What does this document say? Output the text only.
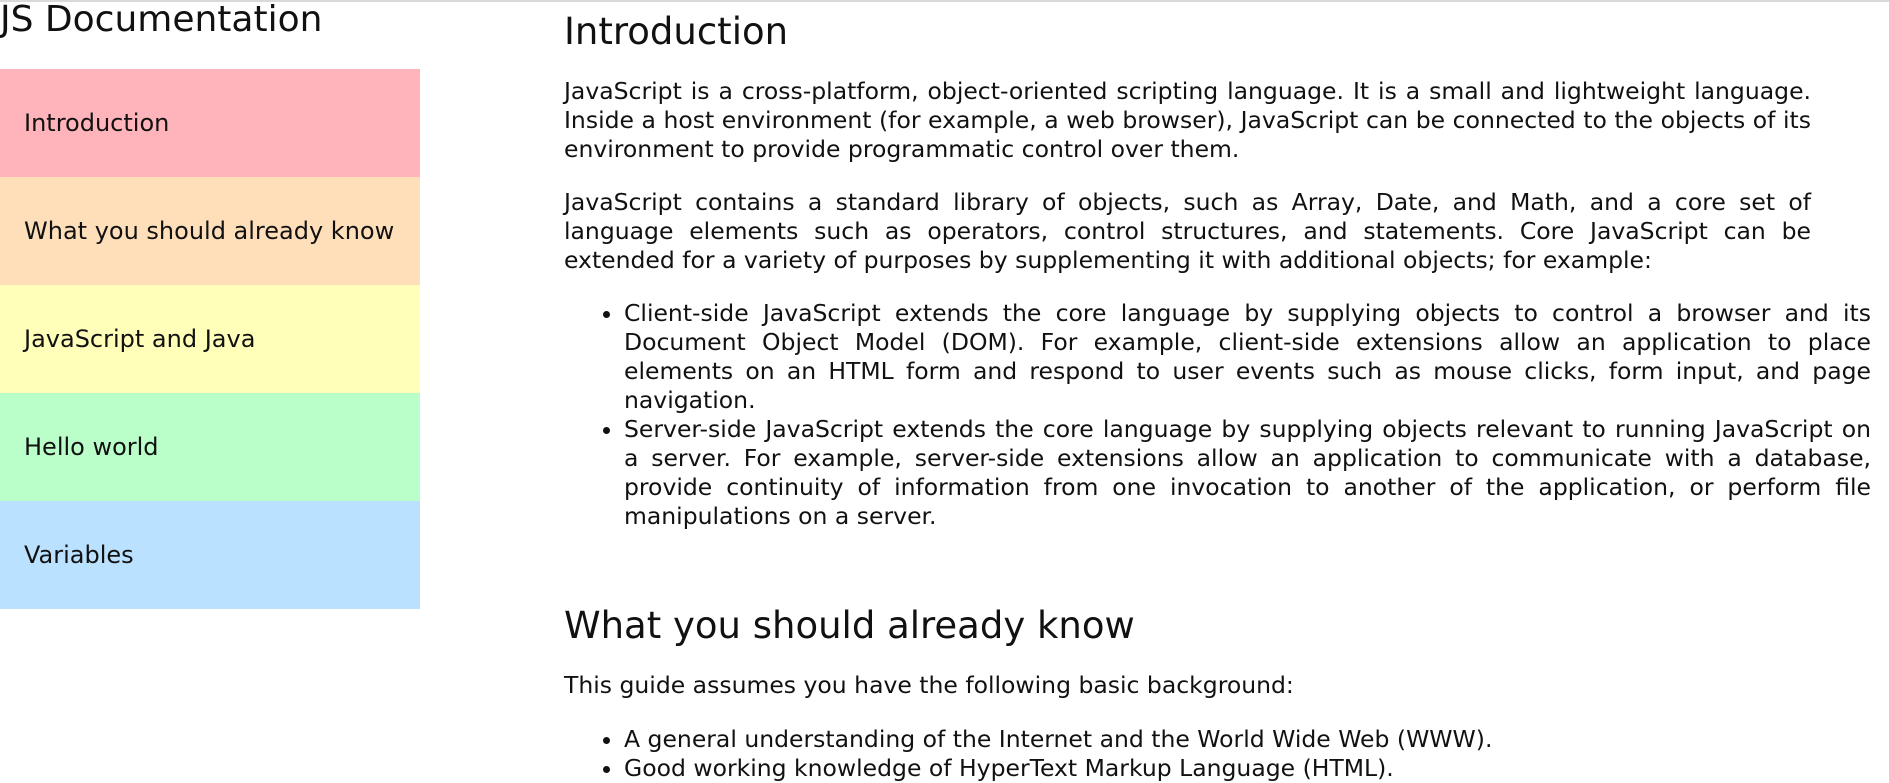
JS Documentation
Introduction
What you should already know
JavaScript and Java
Hello world
Variables
Introduction

JavaScript is a cross-platform, object-oriented scripting language. It is a small and lightweight language. Inside a host environment (for example, a web browser), JavaScript can be connected to the objects of its environment to provide programmatic control over them.

JavaScript contains a standard library of objects, such as Array, Date, and Math, and a core set of language elements such as operators, control structures, and statements. Core JavaScript can be extended for a variety of purposes by supplementing it with additional objects; for example:

• Client-side JavaScript extends the core language by supplying objects to control a browser and its Document Object Model (DOM). For example, client-side extensions allow an application to place elements on an HTML form and respond to user events such as mouse clicks, form input, and page navigation.
• Server-side JavaScript extends the core language by supplying objects relevant to running JavaScript on a server. For example, server-side extensions allow an application to communicate with a database, provide continuity of information from one invocation to another of the application, or perform file manipulations on a server.
What you should already know

This guide assumes you have the following basic background:

• A general understanding of the Internet and the World Wide Web (WWW).
• Good working knowledge of HyperText Markup Language (HTML).
